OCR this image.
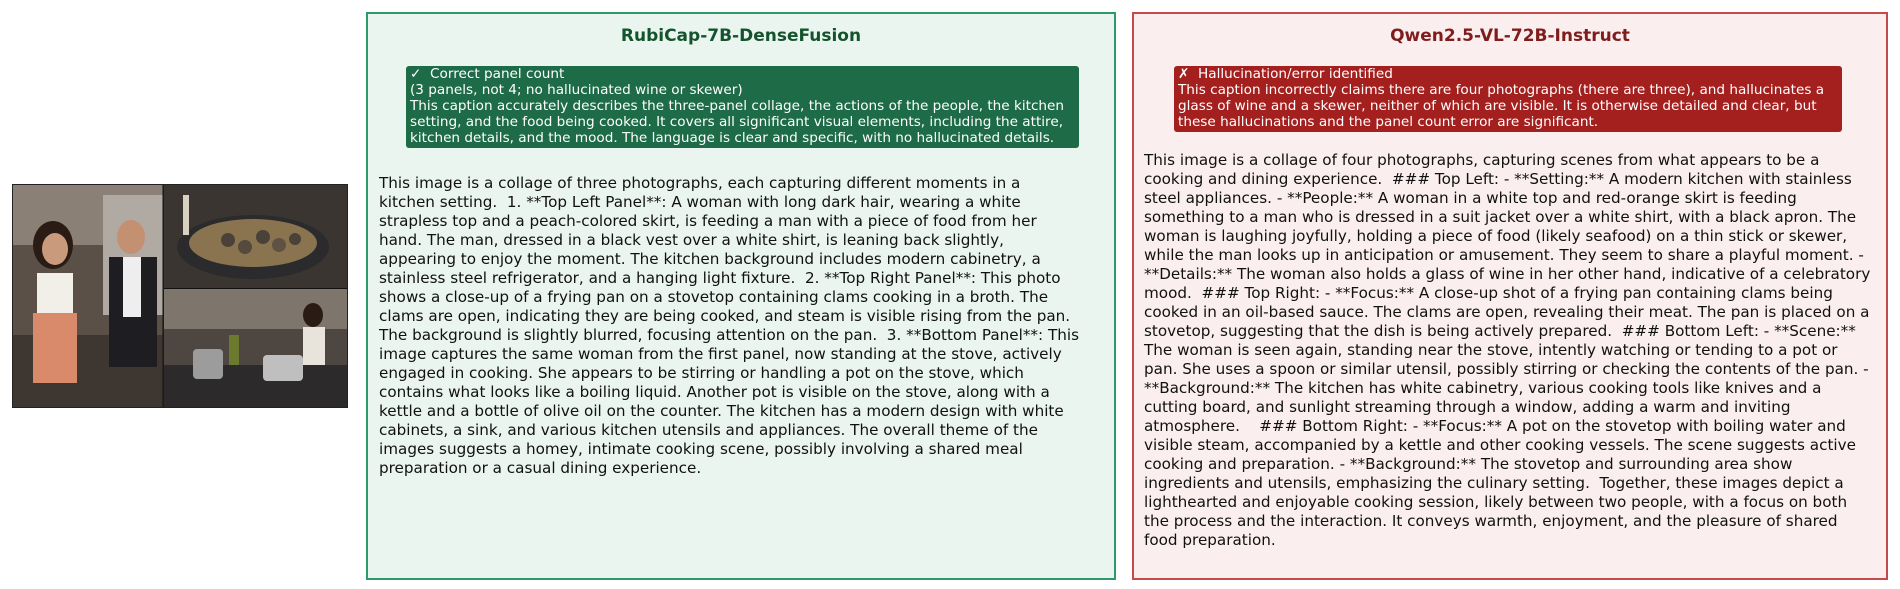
RubiCap-7B-DenseFusion

✓ Correct panel count

(3 panels, not 4; no hallucinated wine or skewer)

This caption accurately describes the three-panel collage, the actions of the people, the kitchen setting, and the food being cooked. It covers all significant visual elements, including the attire, kitchen details, and the mood. The language is clear and specific, with no hallucinated details.

This image is a collage of three photographs, each capturing different moments in a kitchen setting.  1. **Top Left Panel**: A woman with long dark hair, wearing a white strapless top and a peach-colored skirt, is feeding a man with a piece of food from her hand. The man, dressed in a black vest over a white shirt, is leaning back slightly, appearing to enjoy the moment. The kitchen background includes modern cabinetry, a stainless steel refrigerator, and a hanging light fixture.  2. **Top Right Panel**: This photo shows a close-up of a frying pan on a stovetop containing clams cooking in a broth. The clams are open, indicating they are being cooked, and steam is visible rising from the pan. The background is slightly blurred, focusing attention on the pan.  3. **Bottom Panel**: This image captures the same woman from the first panel, now standing at the stove, actively engaged in cooking. She appears to be stirring or handling a pot on the stove, which contains what looks like a boiling liquid. Another pot is visible on the stove, along with a kettle and a bottle of olive oil on the counter. The kitchen has a modern design with white cabinets, a sink, and various kitchen utensils and appliances. The overall theme of the images suggests a homey, intimate cooking scene, possibly involving a shared meal preparation or a casual dining experience.

Qwen2.5-VL-72B-Instruct

✗ Hallucination/error identified

This caption incorrectly claims there are four photographs (there are three), and hallucinates a glass of wine and a skewer, neither of which are visible. It is otherwise detailed and clear, but these hallucinations and the panel count error are significant.

This image is a collage of four photographs, capturing scenes from what appears to be a cooking and dining experience.  ### Top Left: - **Setting:** A modern kitchen with stainless steel appliances. - **People:** A woman in a white top and red-orange skirt is feeding something to a man who is dressed in a suit jacket over a white shirt, with a black apron. The woman is laughing joyfully, holding a piece of food (likely seafood) on a thin stick or skewer, while the man looks up in anticipation or amusement. They seem to share a playful moment. - **Details:** The woman also holds a glass of wine in her other hand, indicative of a celebratory mood.  ### Top Right: - **Focus:** A close-up shot of a frying pan containing clams being cooked in an oil-based sauce. The clams are open, revealing their meat. The pan is placed on a stovetop, suggesting that the dish is being actively prepared.  ### Bottom Left: - **Scene:** The woman is seen again, standing near the stove, intently watching or tending to a pot or pan. She uses a spoon or similar utensil, possibly stirring or checking the contents of the pan. - **Background:** The kitchen has white cabinetry, various cooking tools like knives and a cutting board, and sunlight streaming through a window, adding a warm and inviting atmosphere.    ### Bottom Right: - **Focus:** A pot on the stovetop with boiling water and visible steam, accompanied by a kettle and other cooking vessels. The scene suggests active cooking and preparation. - **Background:** The stovetop and surrounding area show ingredients and utensils, emphasizing the culinary setting.  Together, these images depict a lighthearted and enjoyable cooking session, likely between two people, with a focus on both the process and the interaction. It conveys warmth, enjoyment, and the pleasure of shared food preparation.
